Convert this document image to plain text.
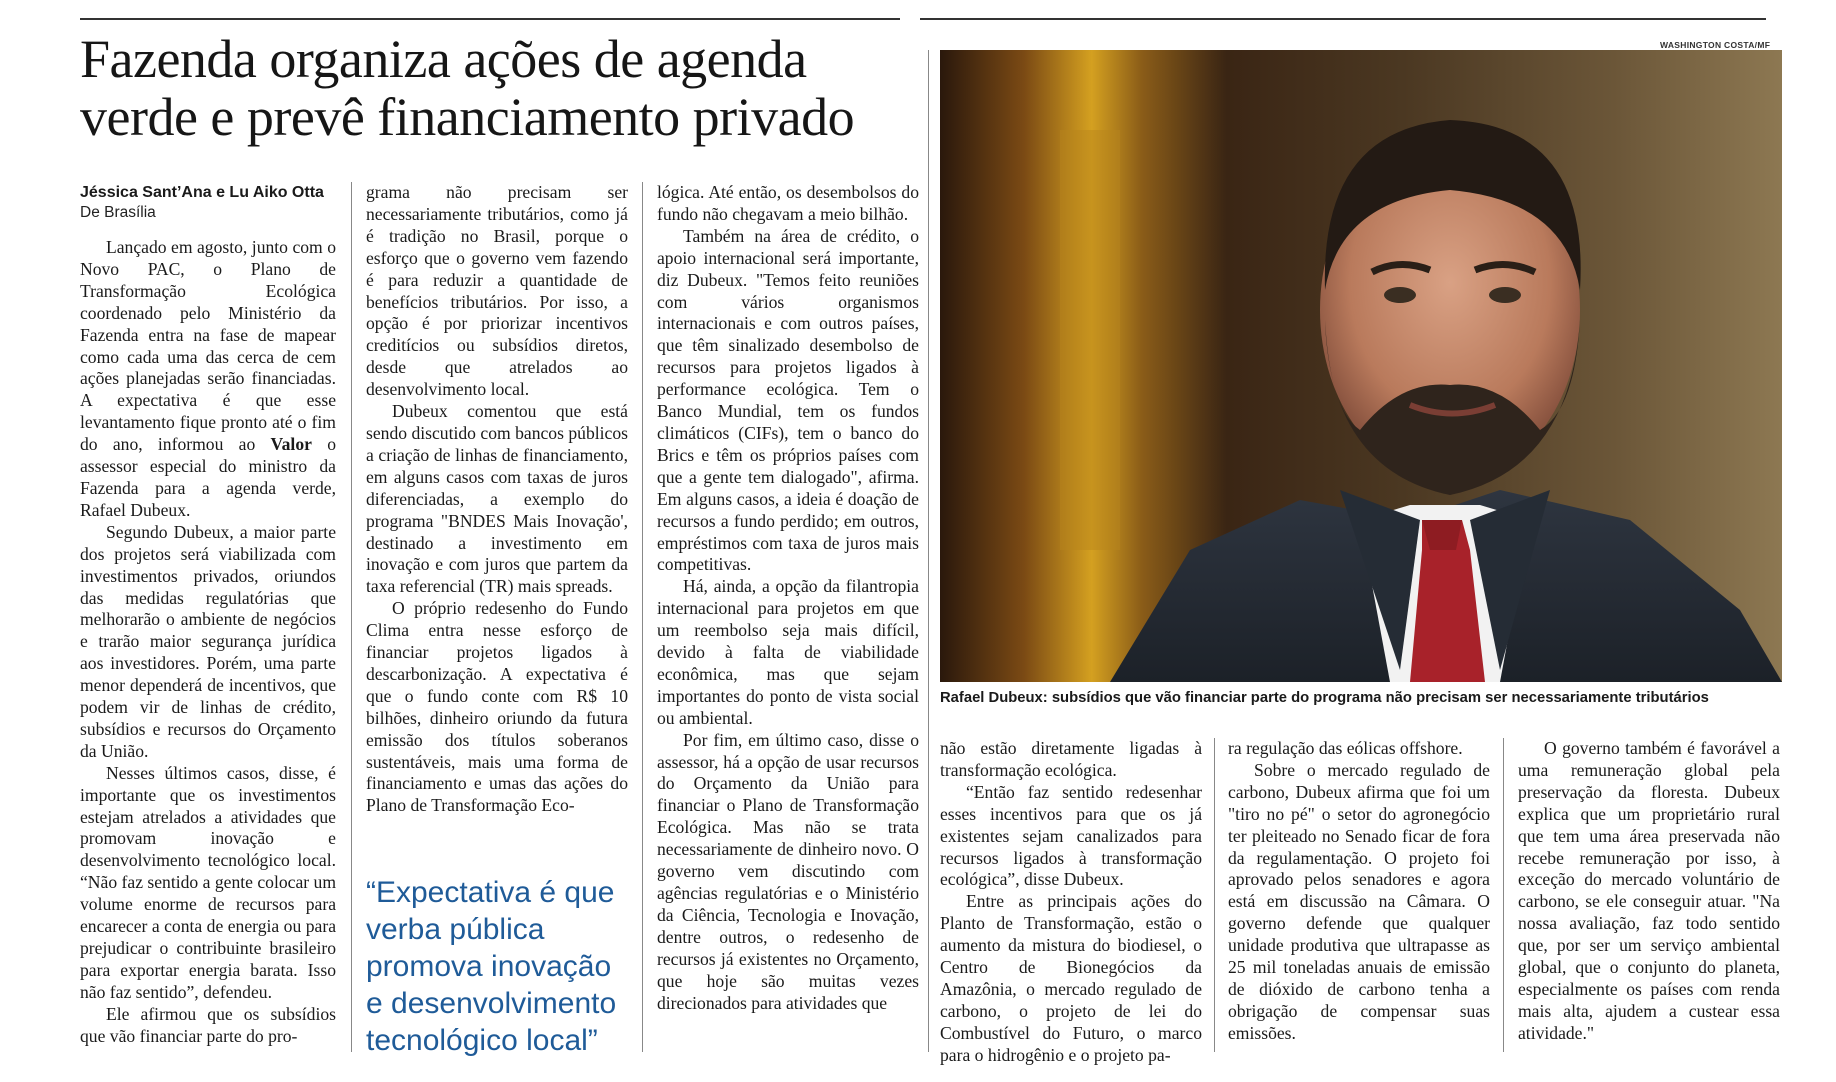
Fazenda organiza ações de agenda
verde e prevê financiamento privado
Jéssica Sant’Ana e Lu Aiko Otta
De Brasília

Lançado em agosto, junto com o Novo PAC, o Plano de Transformação Ecológica coordenado pelo Ministério da Fazenda entra na fase de mapear como cada uma das cerca de cem ações planejadas serão financiadas. A expectativa é que esse levantamento fique pronto até o fim do ano, informou ao Valor o assessor especial do ministro da Fazenda para a agenda verde, Rafael Dubeux.

Segundo Dubeux, a maior parte dos projetos será viabilizada com investimentos privados, oriundos das medidas regulatórias que melhorarão o ambiente de negócios e trarão maior segurança jurídica aos investidores. Porém, uma parte menor dependerá de incentivos, que podem vir de linhas de crédito, subsídios e recursos do Orçamento da União.

Nesses últimos casos, disse, é importante que os investimentos estejam atrelados a atividades que promovam inovação e desenvolvimento tecnológico local. “Não faz sentido a gente colocar um volume enorme de recursos para encarecer a conta de energia ou para prejudicar o contribuinte brasileiro para exportar energia barata. Isso não faz sentido”, defendeu.

Ele afirmou que os subsídios que vão financiar parte do pro-

grama não precisam ser necessariamente tributários, como já é tradição no Brasil, porque o esforço que o governo vem fazendo é para reduzir a quantidade de benefícios tributários. Por isso, a opção é por priorizar incentivos creditícios ou subsídios diretos, desde que atrelados ao desenvolvimento local.

Dubeux comentou que está sendo discutido com bancos públicos a criação de linhas de financiamento, em alguns casos com taxas de juros diferenciadas, a exemplo do programa "BNDES Mais Inovação', destinado a investimento em inovação e com juros que partem da taxa referencial (TR) mais spreads.

O próprio redesenho do Fundo Clima entra nesse esforço de financiar projetos ligados à descarbonização. A expectativa é que o fundo conte com R$ 10 bilhões, dinheiro oriundo da futura emissão dos títulos soberanos sustentáveis, mais uma forma de financiamento e umas das ações do Plano de Transformação Eco-

“Expectativa é que verba pública promova inovação e desenvolvimento tecnológico local”

lógica. Até então, os desembolsos do fundo não chegavam a meio bilhão.

Também na área de crédito, o apoio internacional será importante, diz Dubeux. "Temos feito reuniões com vários organismos internacionais e com outros países, que têm sinalizado desembolso de recursos para projetos ligados à performance ecológica. Tem o Banco Mundial, tem os fundos climáticos (CIFs), tem o banco do Brics e têm os próprios países com que a gente tem dialogado", afirma. Em alguns casos, a ideia é doação de recursos a fundo perdido; em outros, empréstimos com taxa de juros mais competitivas.

Há, ainda, a opção da filantropia internacional para projetos em que um reembolso seja mais difícil, devido à falta de viabilidade econômica, mas que sejam importantes do ponto de vista social ou ambiental.

Por fim, em último caso, disse o assessor, há a opção de usar recursos do Orçamento da União para financiar o Plano de Transformação Ecológica. Mas não se trata necessariamente de dinheiro novo. O governo vem discutindo com agências regulatórias e o Ministério da Ciência, Tecnologia e Inovação, dentre outros, o redesenho de recursos já existentes no Orçamento, que hoje são muitas vezes direcionados para atividades que

WASHINGTON COSTA/MF
Rafael Dubeux: subsídios que vão financiar parte do programa não precisam ser necessariamente tributários

não estão diretamente ligadas à transformação ecológica.

“Então faz sentido redesenhar esses incentivos para que os já existentes sejam canalizados para recursos ligados à transformação ecológica”, disse Dubeux.

Entre as principais ações do Planto de Transformação, estão o aumento da mistura do biodiesel, o Centro de Bionegócios da Amazônia, o mercado regulado de carbono, o projeto de lei do Combustível do Futuro, o marco para o hidrogênio e o projeto pa-

ra regulação das eólicas offshore.

Sobre o mercado regulado de carbono, Dubeux afirma que foi um "tiro no pé" o setor do agronegócio ter pleiteado no Senado ficar de fora da regulamentação. O projeto foi aprovado pelos senadores e agora está em discussão na Câmara. O governo defende que qualquer unidade produtiva que ultrapasse as 25 mil toneladas anuais de emissão de dióxido de carbono tenha a obrigação de compensar suas emissões.

O governo também é favorável a uma remuneração global pela preservação da floresta. Dubeux explica que um proprietário rural que tem uma área preservada não recebe remuneração por isso, à exceção do mercado voluntário de carbono, se ele conseguir atuar. "Na nossa avaliação, faz todo sentido que, por ser um serviço ambiental global, que o conjunto do planeta, especialmente os países com renda mais alta, ajudem a custear essa atividade."
